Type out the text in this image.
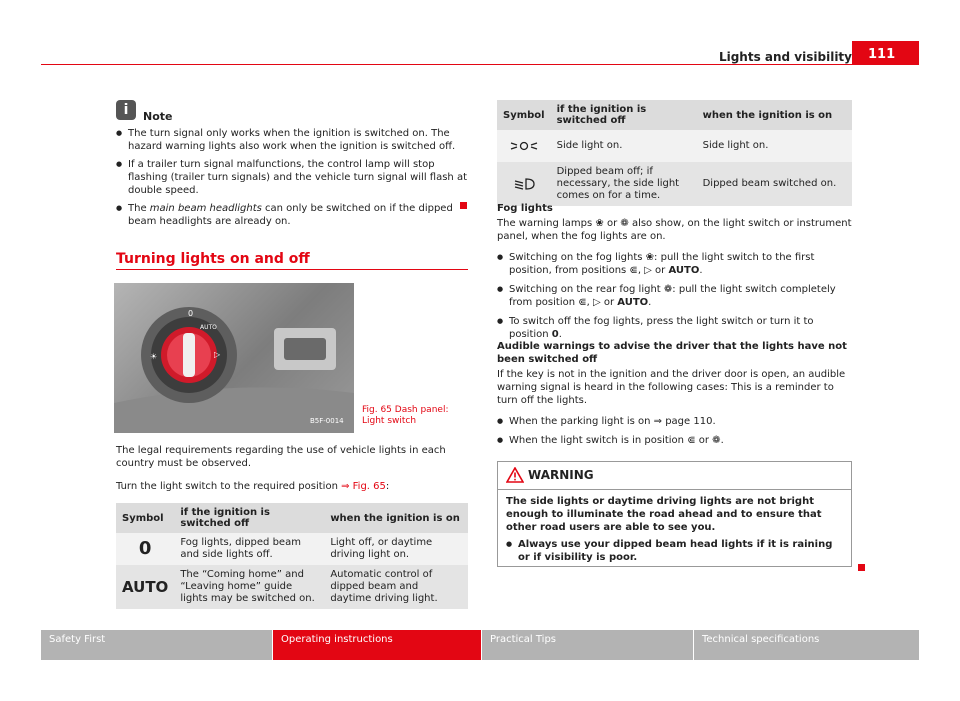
Lights and visibility	111
i	Note
● The turn signal only works when the ignition is switched on. The hazard warning lights also work when the ignition is switched off.
● If a trailer turn signal malfunctions, the control lamp will stop flashing (trailer turn signals) and the vehicle turn signal will flash at double speed.
● The main beam headlights can only be switched on if the dipped beam headlights are already on.
Turning lights on and off
0
AUTO
☀	▷
B5F-0014
Fig. 65 Dash panel:
Light switch
The legal requirements regarding the use of vehicle lights in each country must be observed.
Turn the light switch to the required position ⇒ Fig. 65:
Symbol	if the ignition is switched off	when the ignition is on
0	Fog lights, dipped beam and side lights off.	Light off, or daytime driving light on.
AUTO	The “Coming home” and “Leaving home” guide lights may be switched on.	Automatic control of dipped beam and daytime driving light.
Symbol	if the ignition is switched off	when the ignition is on
	Side light on.	Side light on.
	Dipped beam off; if necessary, the side light comes on for a time.	Dipped beam switched on.
Fog lights
The warning lamps ❀ or ❁ also show, on the light switch or instrument panel, when the fog lights are on.
● Switching on the fog lights ❀: pull the light switch to the first position, from positions ⋐, ▷ or AUTO.
● Switching on the rear fog light ❁: pull the light switch completely from position ⋐, ▷ or AUTO.
● To switch off the fog lights, press the light switch or turn it to position 0.
Audible warnings to advise the driver that the lights have not been switched off
If the key is not in the ignition and the driver door is open, an audible warning signal is heard in the following cases: This is a reminder to turn off the lights.
● When the parking light is on ⇒ page 110.
● When the light switch is in position ⋐ or ❁.
WARNING
The side lights or daytime driving lights are not bright enough to illuminate the road ahead and to ensure that other road users are able to see you.
● Always use your dipped beam head lights if it is raining or if visibility is poor.
Safety First	Operating instructions	Practical Tips	Technical specifications
